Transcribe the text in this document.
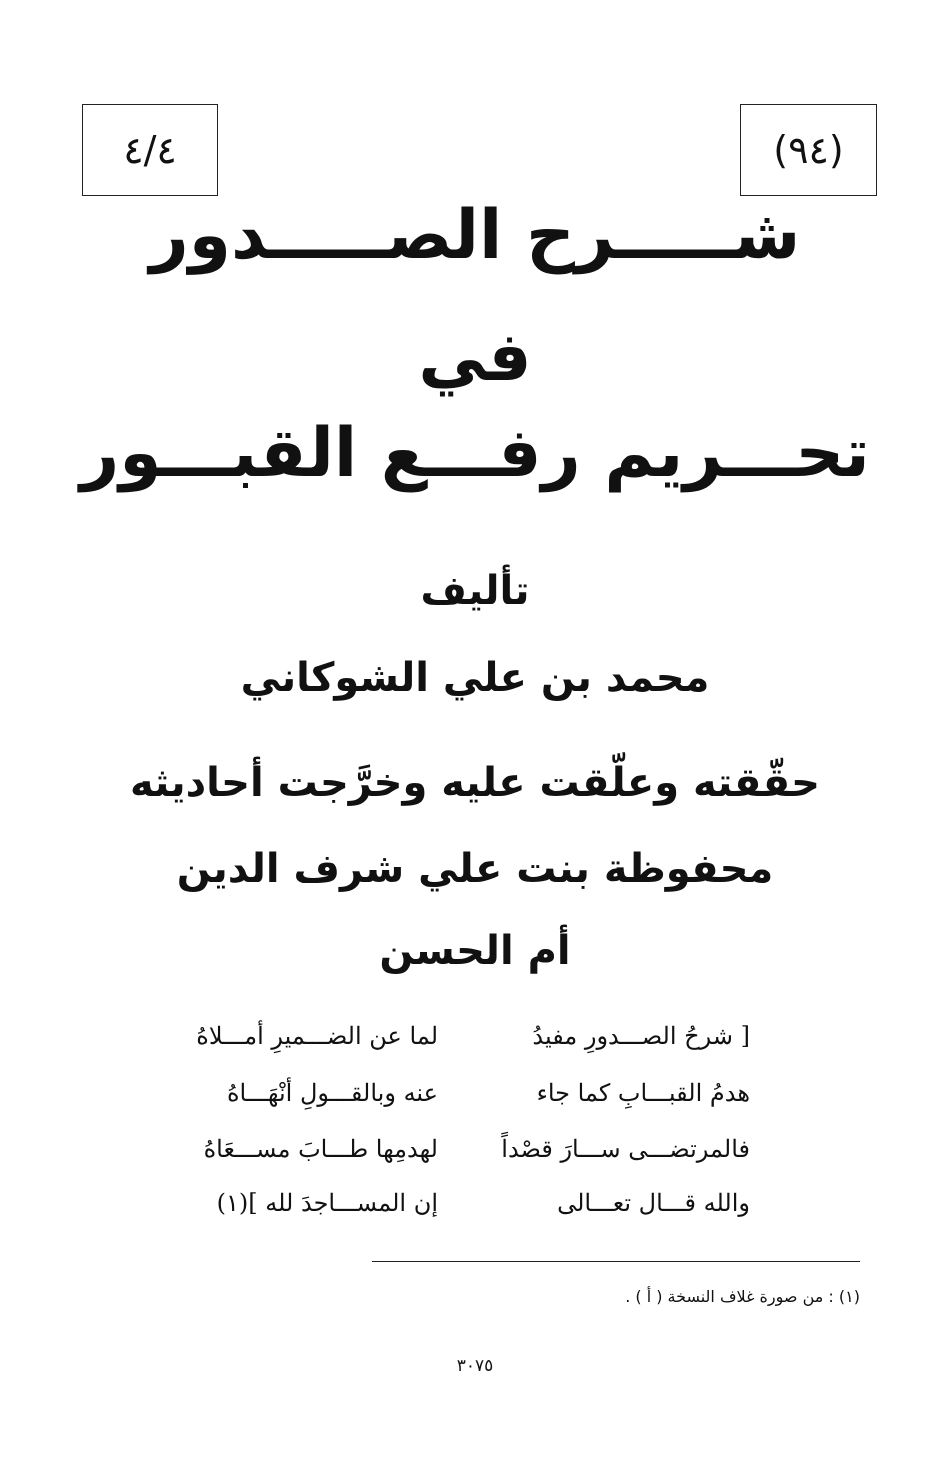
٤/٤	(٩٤)
شـــــرح الصـــــدور
في
تحـــريم رفـــع القبـــور
تأليف
محمد بن علي الشوكاني
حقّقته وعلّقت عليه وخرَّجت أحاديثه
محفوظة بنت علي شرف الدين
أم الحسن
[ شرحُ الصـــدورِ مفيدُ
لما عن الضـــميرِ أمـــلاهُ
هدمُ القبـــابِ كما جاء
عنه وبالقـــولِ أنْهَـــاهُ
فالمرتضـــى ســـارَ قصْداً
لهدمِها طـــابَ مســـعَاهُ
والله قـــال تعـــالى
إن المســـاجدَ لله ](١)
(١) : من صورة غلاف النسخة ( أ ) .
٣٠٧٥
